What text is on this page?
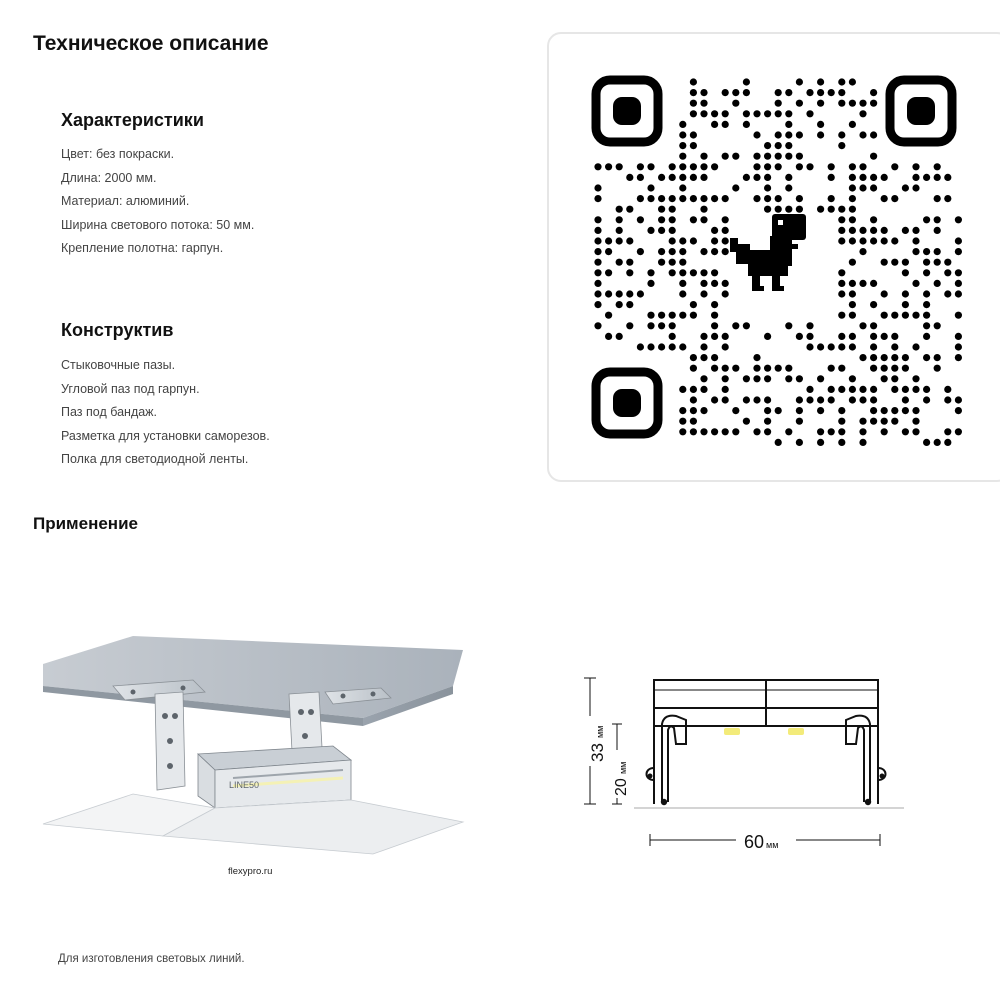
Техническое описание
Характеристики
Цвет: без покраски.
Длина: 2000 мм.
Материал: алюминий.
Ширина светового потока: 50 мм.
Крепление полотна: гарпун.
Конструктив
Стыковочные пазы.
Угловой паз под гарпун.
Паз под бандаж.
Разметка для установки саморезов.
Полка для светодиодной ленты.
Применение
LINE50
flexypro.ru
33
мм
20
мм
60 мм
Для изготовления световых линий.
